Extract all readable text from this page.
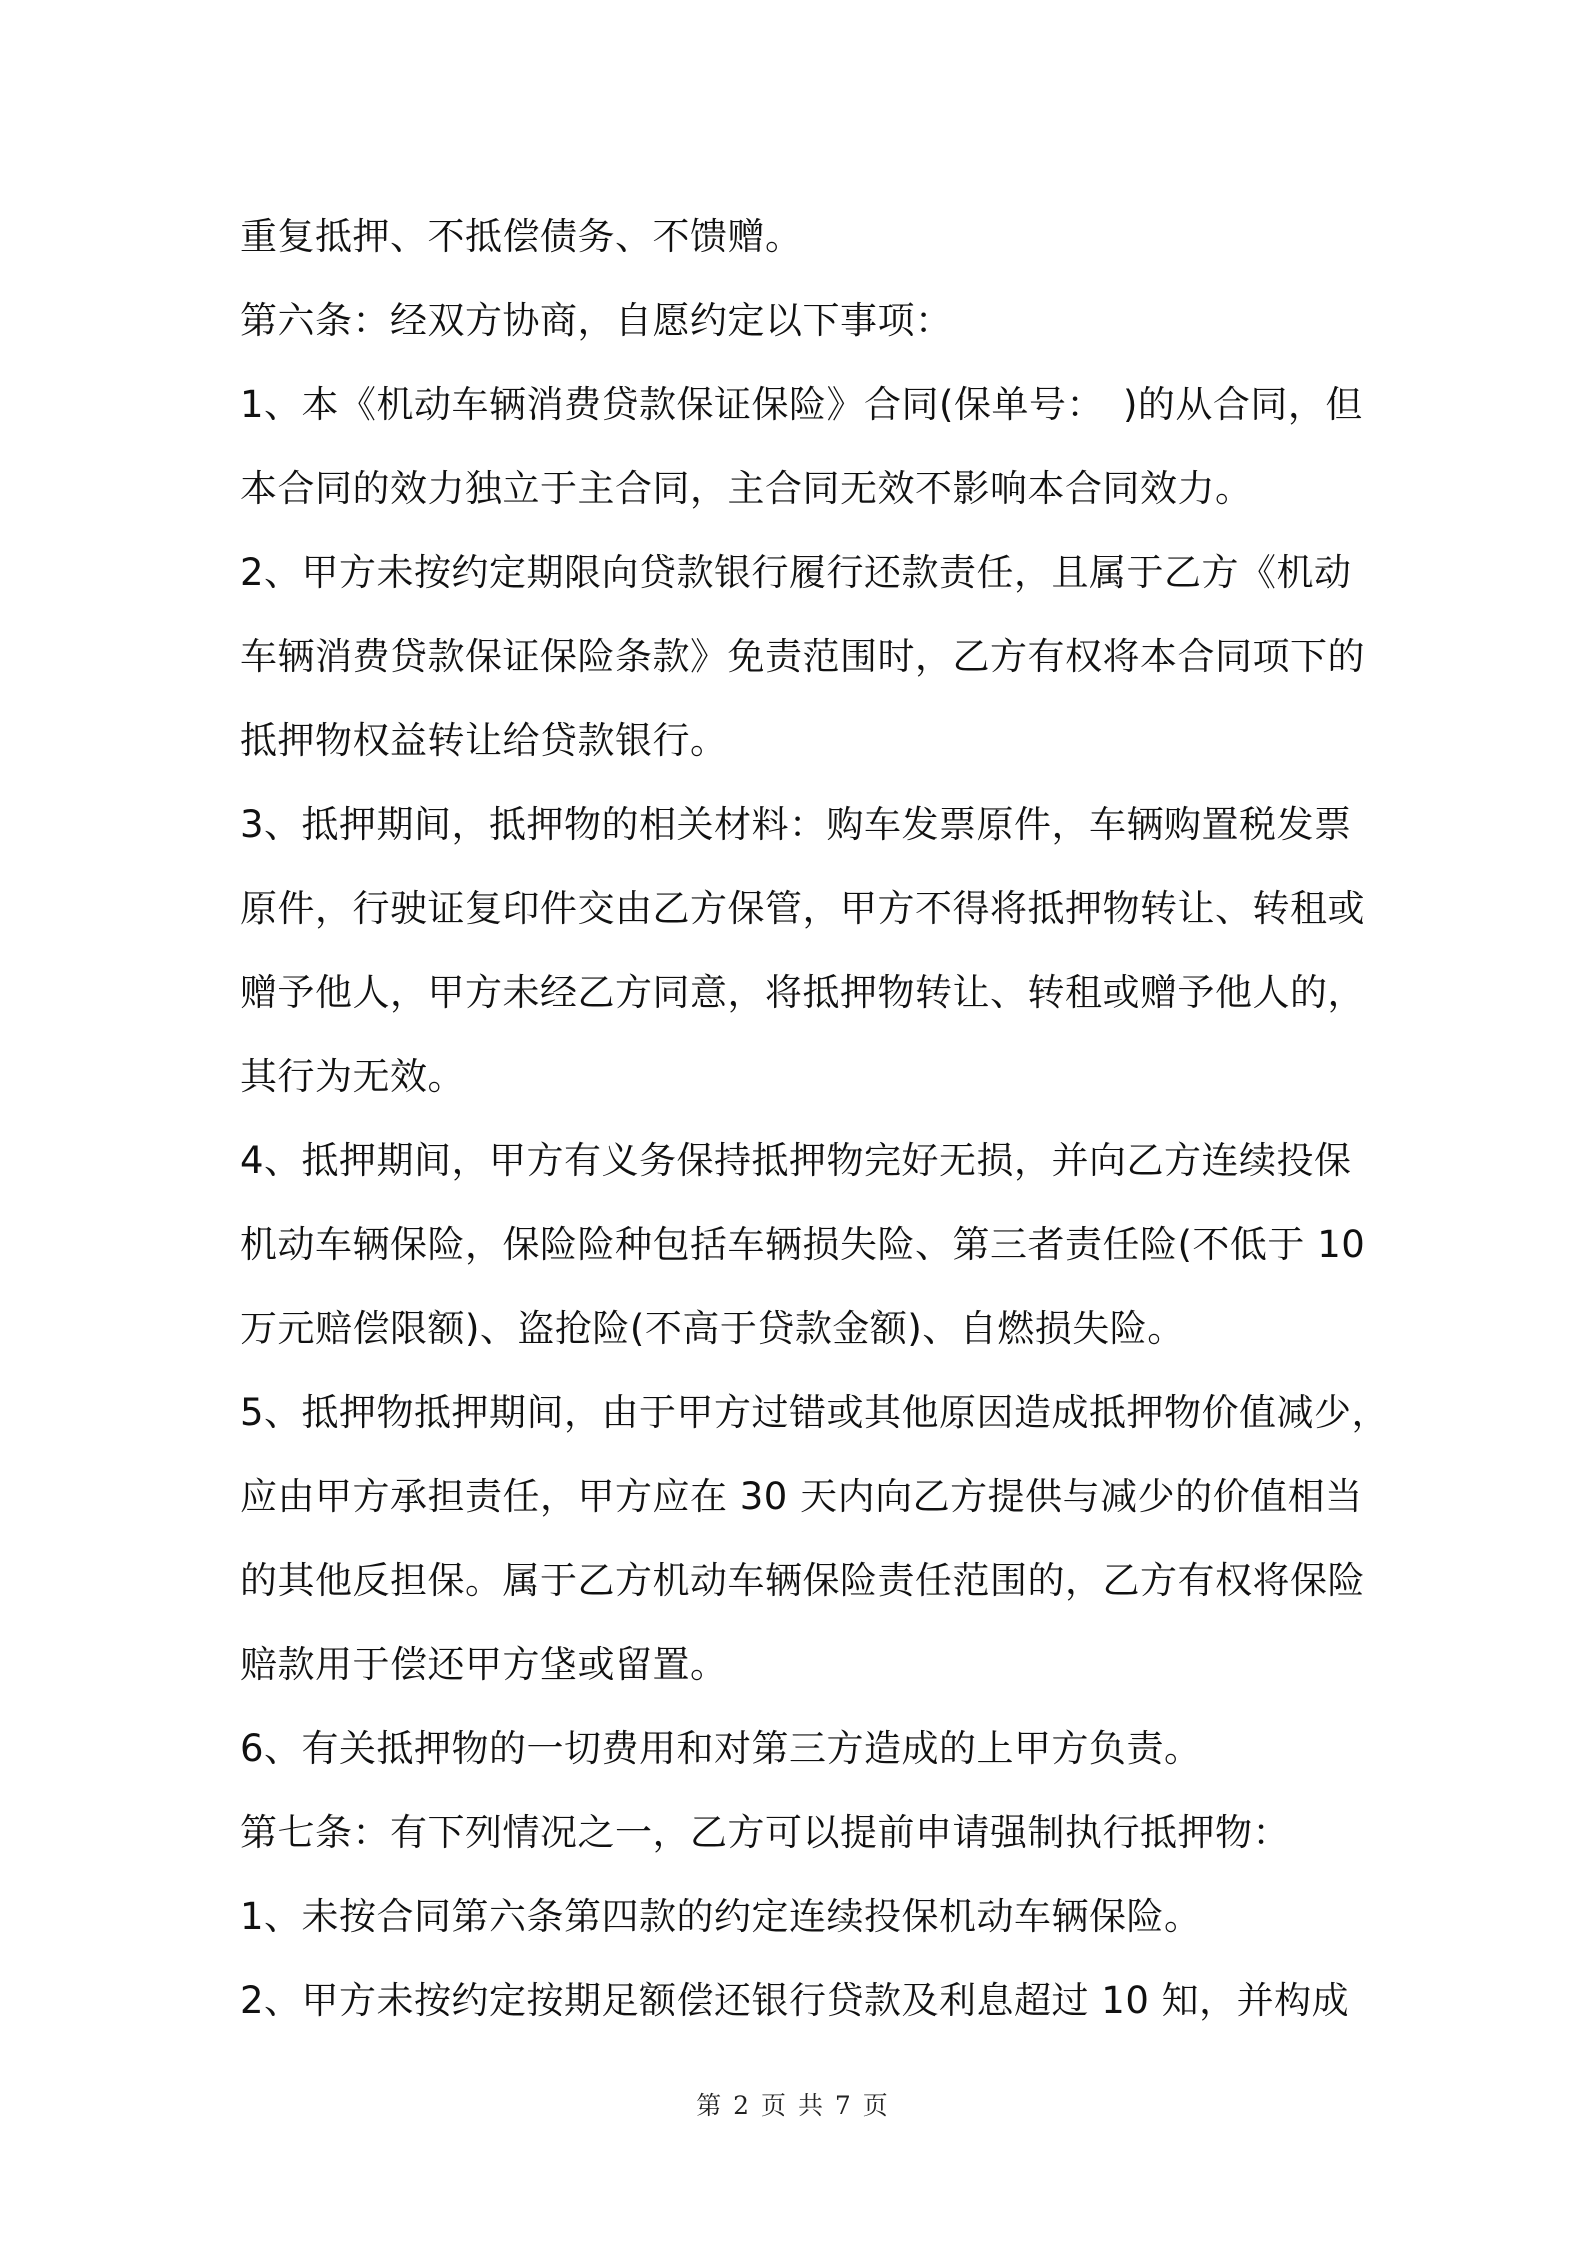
重复抵押、不抵偿债务、不馈赠。
第六条：经双方协商，自愿约定以下事项：
1、本《机动车辆消费贷款保证保险》合同(保单号：　)的从合同，但
本合同的效力独立于主合同，主合同无效不影响本合同效力。
2、甲方未按约定期限向贷款银行履行还款责任，且属于乙方《机动
车辆消费贷款保证保险条款》免责范围时，乙方有权将本合同项下的
抵押物权益转让给贷款银行。
3、抵押期间，抵押物的相关材料：购车发票原件，车辆购置税发票
原件，行驶证复印件交由乙方保管，甲方不得将抵押物转让、转租或
赠予他人，甲方未经乙方同意，将抵押物转让、转租或赠予他人的，
其行为无效。
4、抵押期间，甲方有义务保持抵押物完好无损，并向乙方连续投保
机动车辆保险，保险险种包括车辆损失险、第三者责任险(不低于 10
万元赔偿限额)、盗抢险(不高于贷款金额)、自燃损失险。
5、抵押物抵押期间，由于甲方过错或其他原因造成抵押物价值减少，
应由甲方承担责任，甲方应在 30 天内向乙方提供与减少的价值相当
的其他反担保。属于乙方机动车辆保险责任范围的，乙方有权将保险
赔款用于偿还甲方垡或留置。
6、有关抵押物的一切费用和对第三方造成的上甲方负责。
第七条：有下列情况之一，乙方可以提前申请强制执行抵押物：
1、未按合同第六条第四款的约定连续投保机动车辆保险。
2、甲方未按约定按期足额偿还银行贷款及利息超过 10 知，并构成
第 2 页 共 7 页
